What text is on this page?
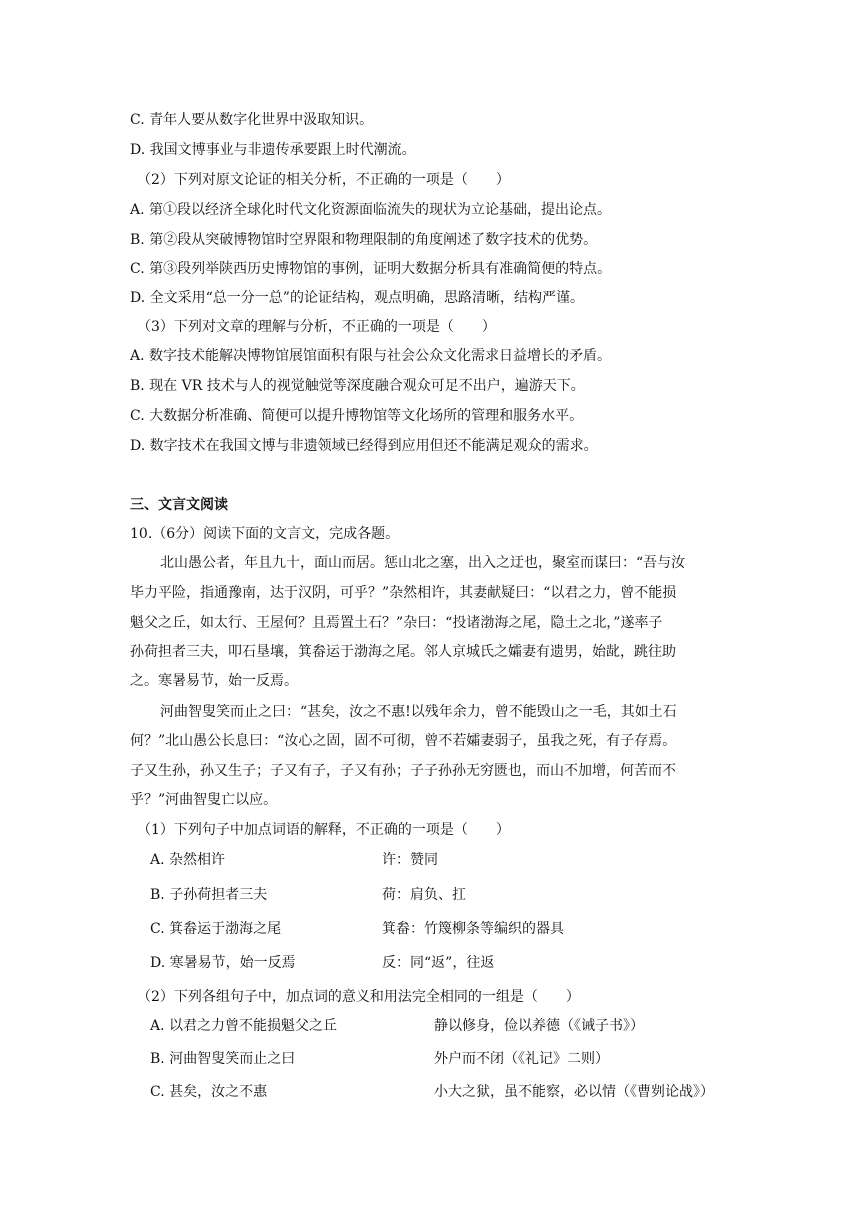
C. 青年人要从数字化世界中汲取知识。
D. 我国文博事业与非遗传承要跟上时代潮流。
（2）下列对原文论证的相关分析，不正确的一项是（　　）
A. 第①段以经济全球化时代文化资源面临流失的现状为立论基础，提出论点。
B. 第②段从突破博物馆时空界限和物理限制的角度阐述了数字技术的优势。
C. 第③段列举陕西历史博物馆的事例，证明大数据分析具有准确简便的特点。
D. 全文采用“总一分一总”的论证结构，观点明确，思路清晰，结构严谨。
（3）下列对文章的理解与分析，不正确的一项是（　　）
A. 数字技术能解决博物馆展馆面积有限与社会公众文化需求日益增长的矛盾。
B. 现在 VR 技术与人的视觉触觉等深度融合观众可足不出户，遍游天下。
C. 大数据分析准确、简便可以提升博物馆等文化场所的管理和服务水平。
D. 数字技术在我国文博与非遗领域已经得到应用但还不能满足观众的需求。
三、文言文阅读
10.（6分）阅读下面的文言文，完成各题。
北山愚公者，年且九十，面山而居。惩山北之塞，出入之迂也，聚室而谋曰：“吾与汝
毕力平险，指通豫南，达于汉阴，可乎？”杂然相许，其妻献疑曰：“以君之力，曾不能损
魁父之丘，如太行、王屋何？且焉置土石？”杂曰：“投诸渤海之尾，隐土之北，”遂率子
孙荷担者三夫，叩石垦壤，箕畚运于渤海之尾。邻人京城氏之孀妻有遗男，始龀，跳往助
之。寒暑易节，始一反焉。
河曲智叟笑而止之曰：“甚矣，汝之不惠!以残年余力，曾不能毁山之一毛，其如土石
何？”北山愚公长息曰：“汝心之固，固不可彻，曾不若孀妻弱子，虽我之死，有子存焉。
子又生孙，孙又生子；子又有子，子又有孙；子子孙孙无穷匮也，而山不加增，何苦而不
乎？”河曲智叟亡以应。
（1）下列句子中加点词语的解释，不正确的一项是（　　）
A. 杂然相许	许：赞同
B. 子孙荷担者三夫	荷：肩负、扛
C. 箕畚运于渤海之尾	箕畚：竹篾柳条等编织的器具
D. 寒暑易节，始一反焉	反：同“返”，往返
（2）下列各组句子中，加点词的意义和用法完全相同的一组是（　　）
A. 以君之力曾不能损魁父之丘	静以修身，俭以养德（《诫子书》）
B. 河曲智叟笑而止之曰	外户而不闭（《礼记》二则）
C. 甚矣，汝之不惠	小大之狱，虽不能察，必以情（《曹刿论战》）
